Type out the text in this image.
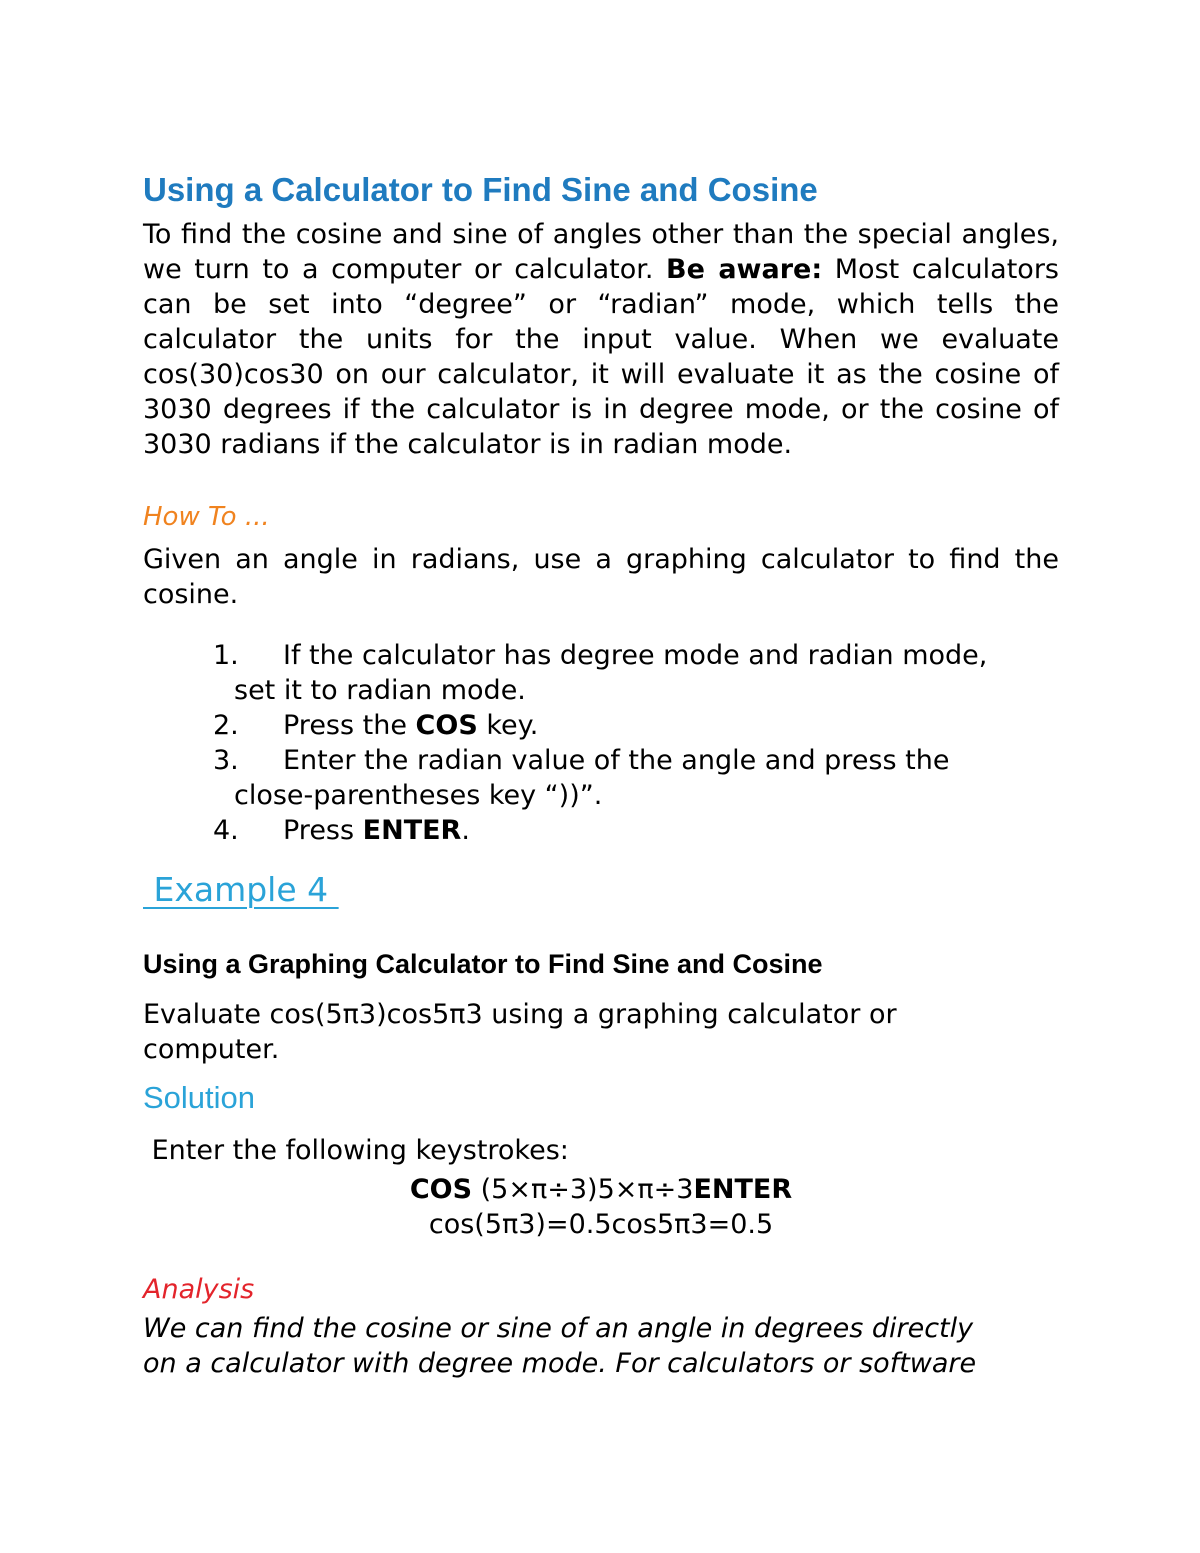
Using a Calculator to Find Sine and Cosine

To find the cosine and sine of angles other than the special angles, we turn to a computer or calculator. Be aware: Most calculators can be set into “degree” or “radian” mode, which tells the calculator the units for the input value. When we evaluate cos(30)cos30 on our calculator, it will evaluate it as the cosine of 3030 degrees if the calculator is in degree mode, or the cosine of 3030 radians if the calculator is in radian mode.

How To ...

Given an angle in radians, use a graphing calculator to find the cosine.

1. If the calculator has degree mode and radian mode,
set it to radian mode.
2. Press the COS key.
3. Enter the radian value of the angle and press the
close-parentheses key “))”.
4. Press ENTER.
Example 4
Using a Graphing Calculator to Find Sine and Cosine
Evaluate cos(5π3)cos5π3 using a graphing calculator or
computer.
Solution
Enter the following keystrokes:
COS (5×π÷3)5×π÷3ENTER
cos(5π3)=0.5cos5π3=0.5
Analysis
We can find the cosine or sine of an angle in degrees directly
on a calculator with degree mode. For calculators or software
